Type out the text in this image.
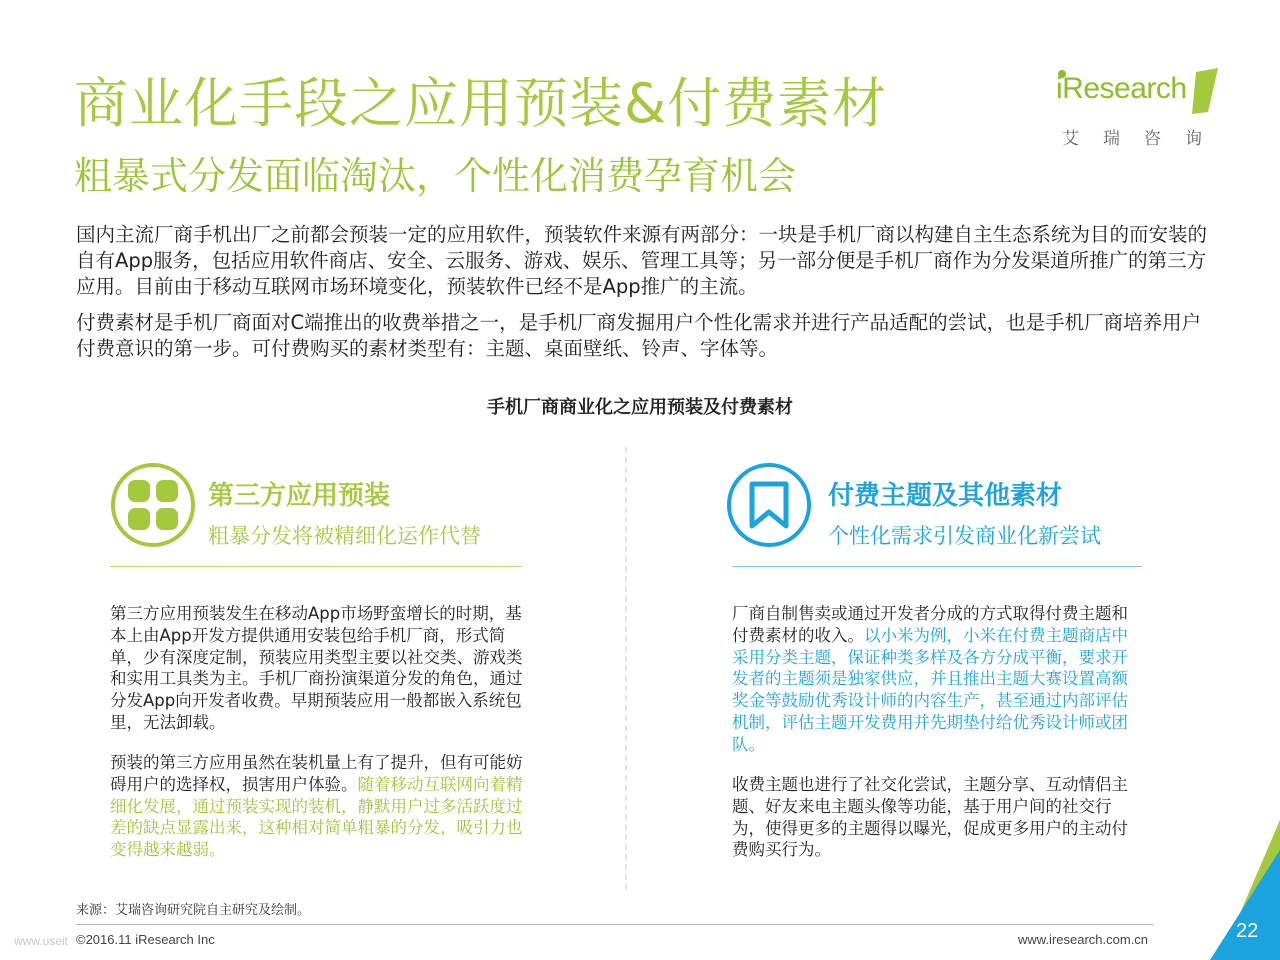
商业化手段之应用预装&付费素材
粗暴式分发面临淘汰，个性化消费孕育机会
iResearch
艾瑞咨询
国内主流厂商手机出厂之前都会预装一定的应用软件，预装软件来源有两部分：一块是手机厂商以构建自主生态系统为目的而安装的自有App服务，包括应用软件商店、安全、云服务、游戏、娱乐、管理工具等；另一部分便是手机厂商作为分发渠道所推广的第三方应用。目前由于移动互联网市场环境变化，预装软件已经不是App推广的主流。
付费素材是手机厂商面对C端推出的收费举措之一，是手机厂商发掘用户个性化需求并进行产品适配的尝试，也是手机厂商培养用户付费意识的第一步。可付费购买的素材类型有：主题、桌面壁纸、铃声、字体等。
手机厂商商业化之应用预装及付费素材
第三方应用预装
粗暴分发将被精细化运作代替
第三方应用预装发生在移动App市场野蛮增长的时期，基本上由App开发方提供通用安装包给手机厂商，形式简单，少有深度定制，预装应用类型主要以社交类、游戏类和实用工具类为主。手机厂商扮演渠道分发的角色，通过分发App向开发者收费。早期预装应用一般都嵌入系统包里，无法卸载。
预装的第三方应用虽然在装机量上有了提升，但有可能妨碍用户的选择权，损害用户体验。随着移动互联网向着精细化发展，通过预装实现的装机，静默用户过多活跃度过差的缺点显露出来，这种相对简单粗暴的分发，吸引力也变得越来越弱。
付费主题及其他素材
个性化需求引发商业化新尝试
厂商自制售卖或通过开发者分成的方式取得付费主题和付费素材的收入。以小米为例，小米在付费主题商店中采用分类主题，保证种类多样及各方分成平衡，要求开发者的主题须是独家供应，并且推出主题大赛设置高额奖金等鼓励优秀设计师的内容生产，甚至通过内部评估机制，评估主题开发费用并先期垫付给优秀设计师或团队。
收费主题也进行了社交化尝试，主题分享、互动情侣主题、好友来电主题头像等功能，基于用户间的社交行为，使得更多的主题得以曝光，促成更多用户的主动付费购买行为。
来源：艾瑞咨询研究院自主研究及绘制。
www.useit ©2016.11 iResearch Inc	www.iresearch.com.cn	22
